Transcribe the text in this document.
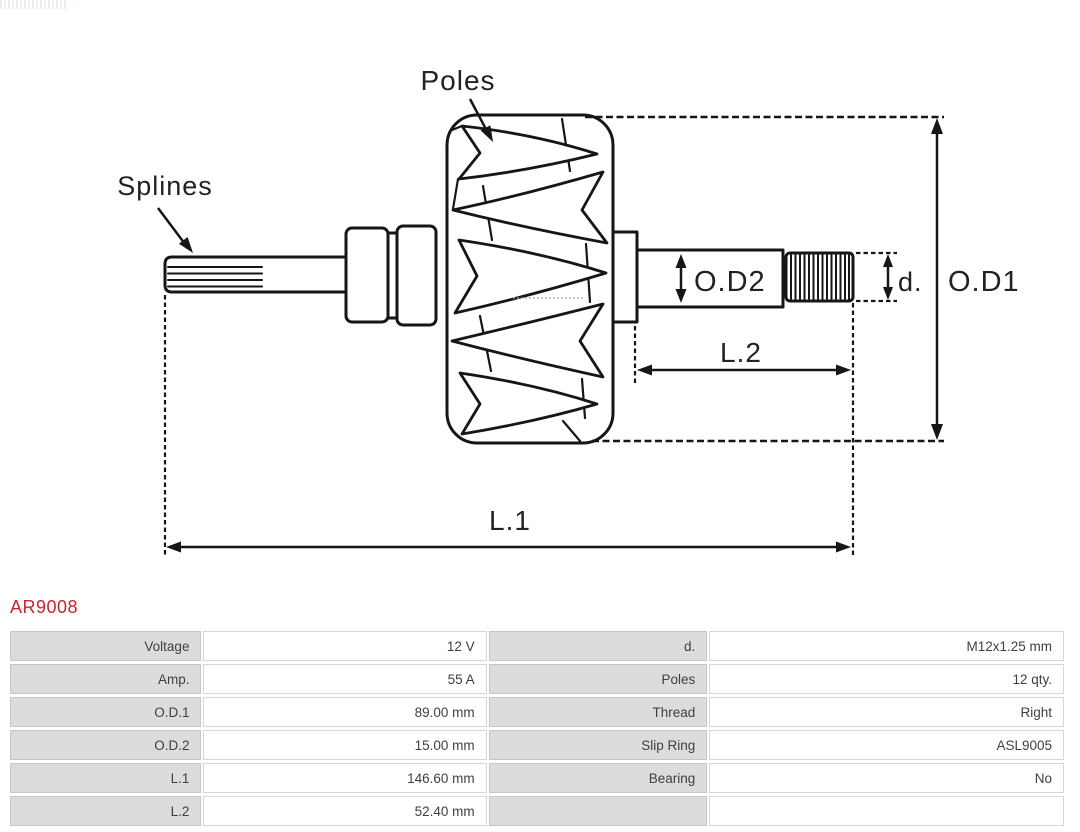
O.D1
O.D2	d.
L.2
L.1
Poles
Splines
AR9008
Voltage	12 V	d.	M12x1.25 mm
Amp.	55 A	Poles	12 qty.
O.D.1	89.00 mm	Thread	Right
O.D.2	15.00 mm	Slip Ring	ASL9005
L.1	146.60 mm	Bearing	No
L.2	52.40 mm		
